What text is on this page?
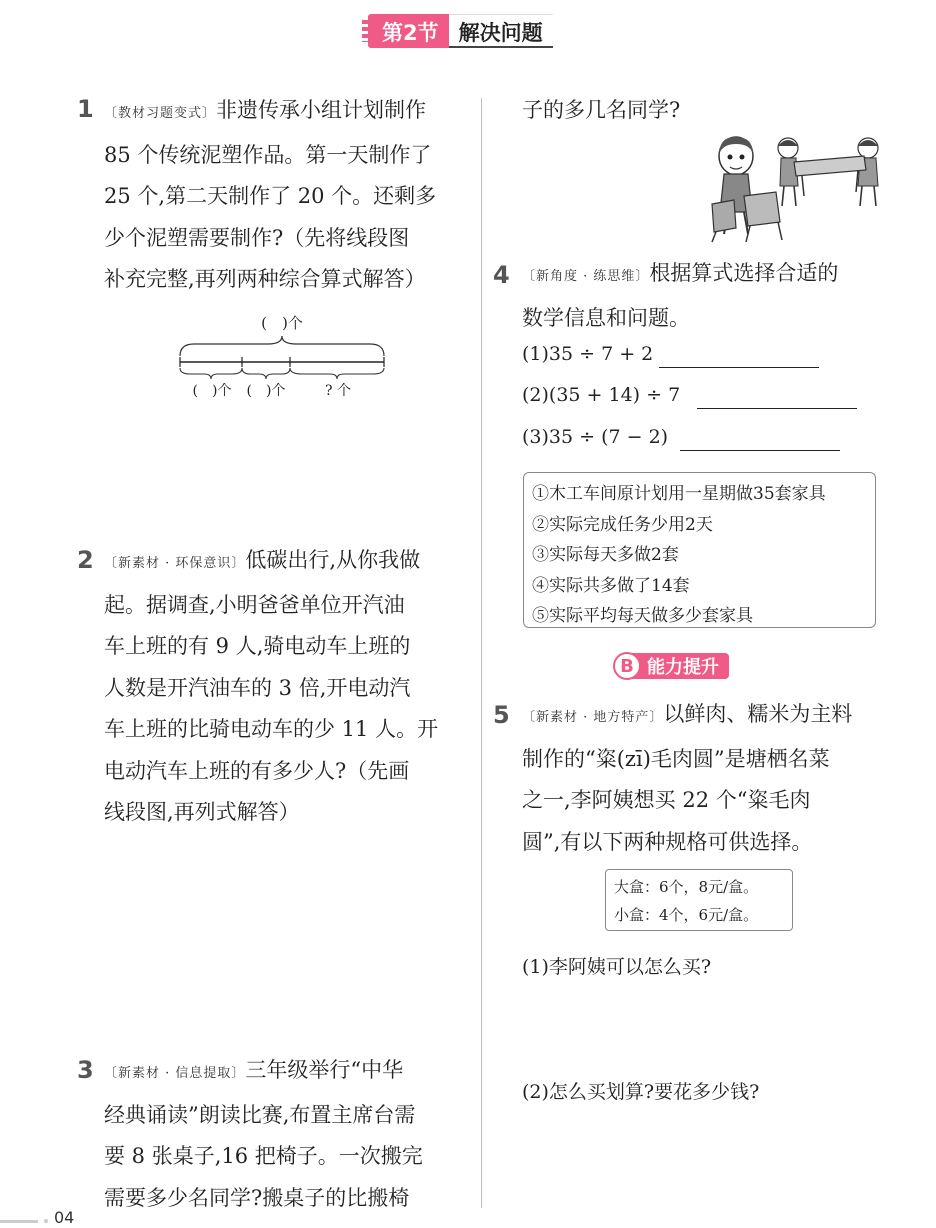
第2节 解决问题
1 〔教材习题变式〕非遗传承小组计划制作
85 个传统泥塑作品。第一天制作了
25 个,第二天制作了 20 个。还剩多
少个泥塑需要制作?（先将线段图
补充完整,再列两种综合算式解答）
(　)个
(　)个 (　)个	? 个
2 〔新素材 · 环保意识〕低碳出行,从你我做
起。据调查,小明爸爸单位开汽油
车上班的有 9 人,骑电动车上班的
人数是开汽油车的 3 倍,开电动汽
车上班的比骑电动车的少 11 人。开
电动汽车上班的有多少人?（先画
线段图,再列式解答）
3 〔新素材 · 信息提取〕三年级举行“中华
经典诵读”朗读比赛,布置主席台需
要 8 张桌子,16 把椅子。一次搬完
需要多少名同学?搬桌子的比搬椅
子的多几名同学?
4 〔新角度 · 练思维〕根据算式选择合适的
数学信息和问题。
(1)35 ÷ 7 + 2
(2)(35 + 14) ÷ 7
(3)35 ÷ (7 − 2)
①木工车间原计划用一星期做35套家具
②实际完成任务少用2天
③实际每天多做2套
④实际共多做了14套
⑤实际平均每天做多少套家具
B 能力提升
5 〔新素材 · 地方特产〕以鲜肉、糯米为主料
制作的“粢(zī)毛肉圆”是塘栖名菜
之一,李阿姨想买 22 个“粢毛肉
圆”,有以下两种规格可供选择。
大盒：6个，8元/盒。
小盒：4个，6元/盒。
(1)李阿姨可以怎么买?
(2)怎么买划算?要花多少钱?
04
